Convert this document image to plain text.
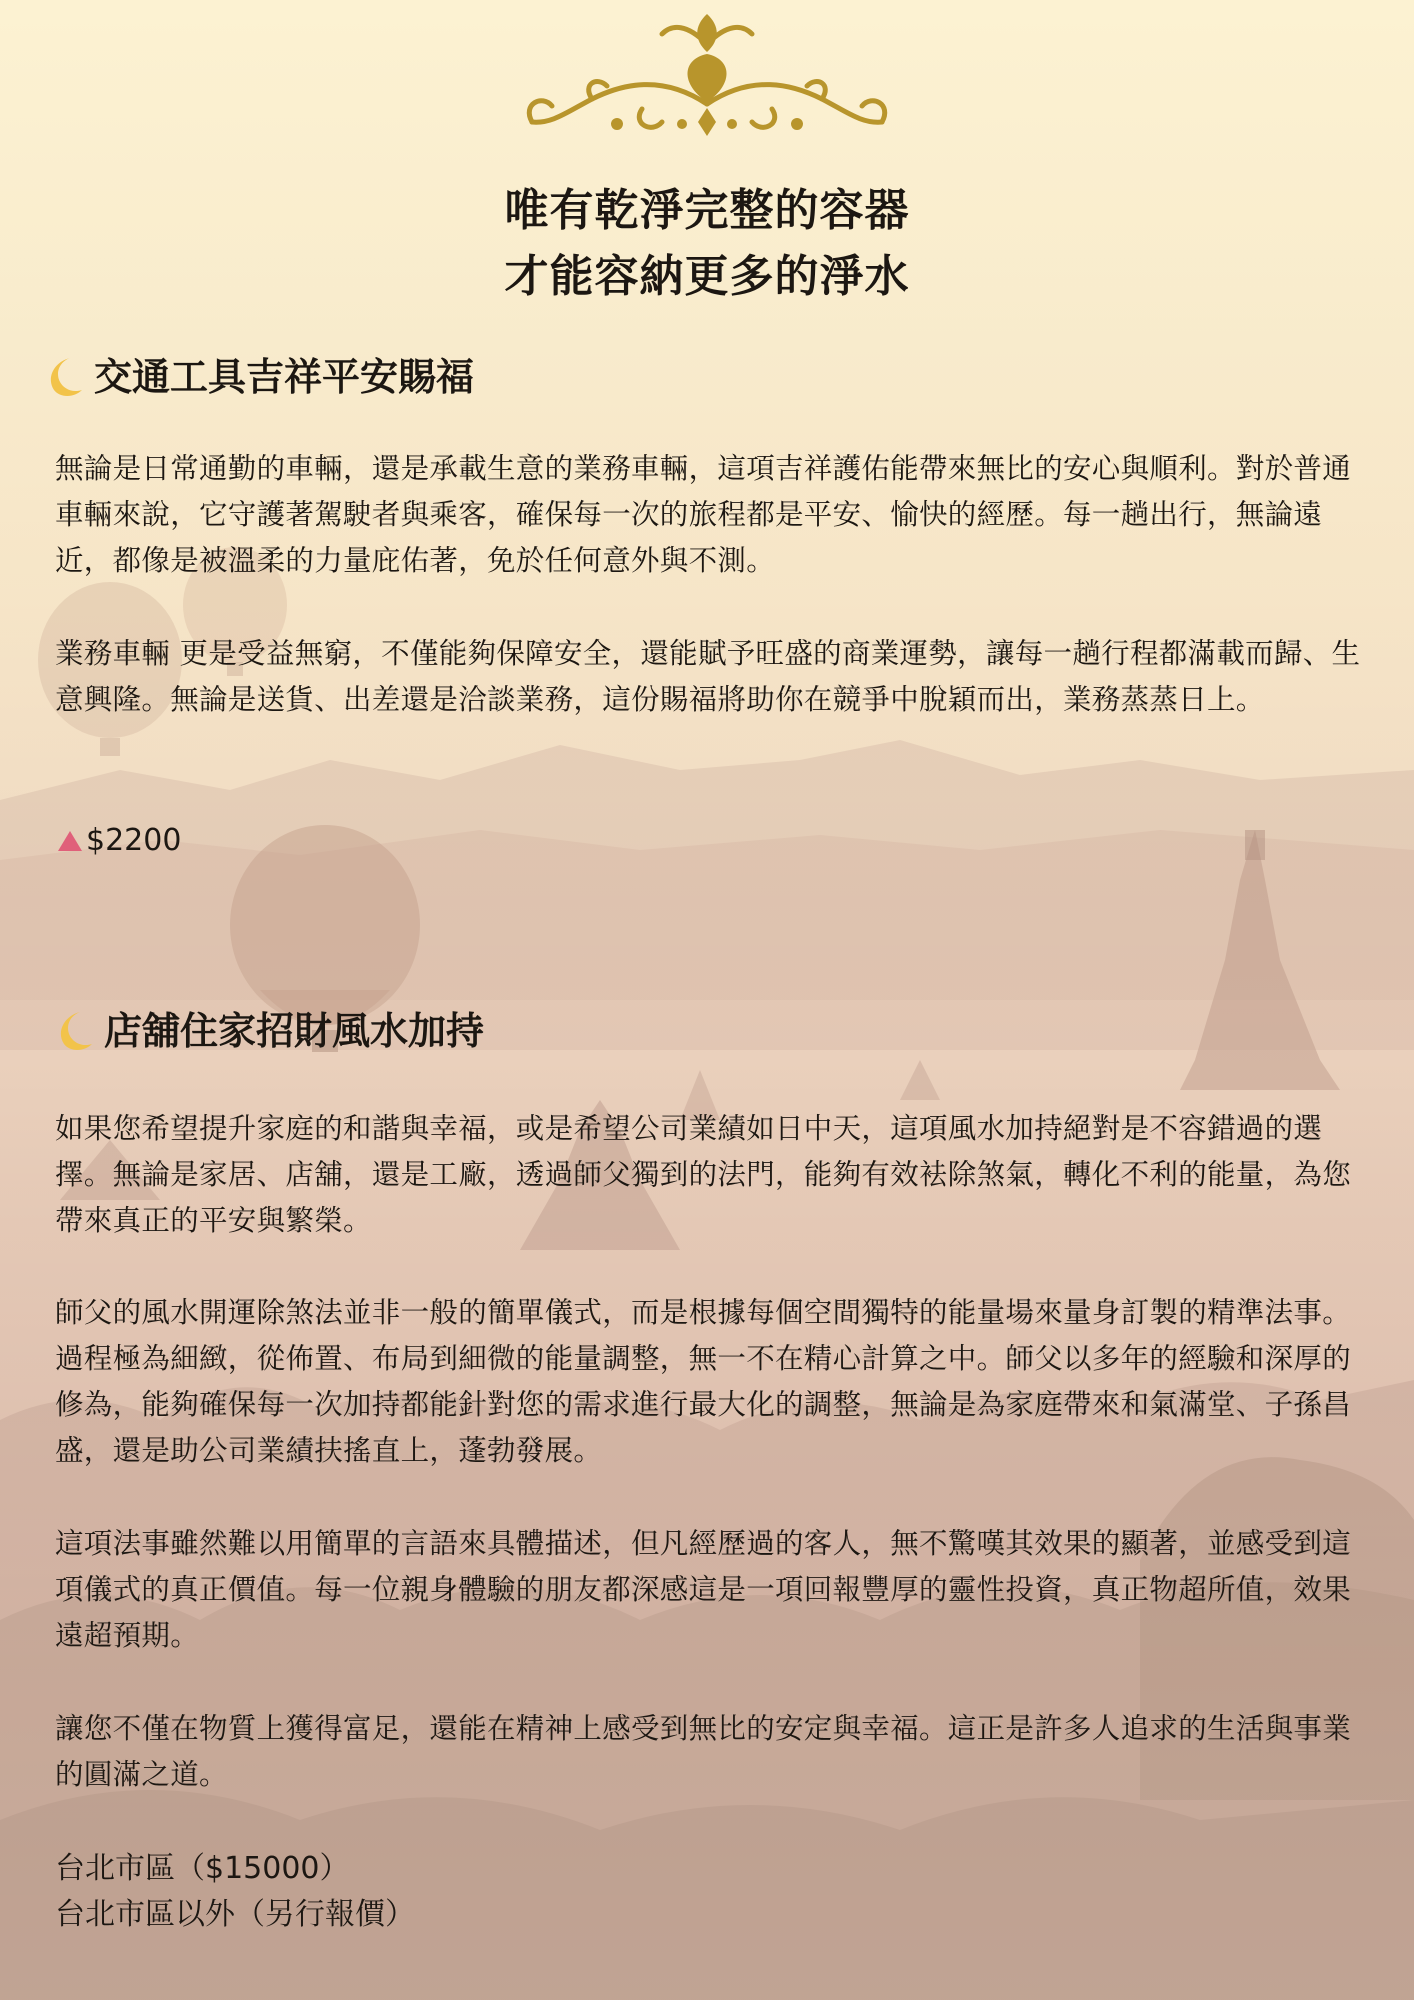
唯有乾淨完整的容器
才能容納更多的淨水
交通工具吉祥平安賜福

無論是日常通勤的車輛，還是承載生意的業務車輛，這項吉祥護佑能帶來無比的安心與順利。對於普通車輛來說，它守護著駕駛者與乘客，確保每一次的旅程都是平安、愉快的經歷。每一趟出行，無論遠近，都像是被溫柔的力量庇佑著，免於任何意外與不測。

業務車輛 更是受益無窮，不僅能夠保障安全，還能賦予旺盛的商業運勢，讓每一趟行程都滿載而歸、生意興隆。無論是送貨、出差還是洽談業務，這份賜福將助你在競爭中脫穎而出，業務蒸蒸日上。

$2200
店舖住家招財風水加持

如果您希望提升家庭的和諧與幸福，或是希望公司業績如日中天，這項風水加持絕對是不容錯過的選擇。無論是家居、店舖，還是工廠，透過師父獨到的法門，能夠有效袪除煞氣，轉化不利的能量，為您帶來真正的平安與繁榮。

師父的風水開運除煞法並非一般的簡單儀式，而是根據每個空間獨特的能量場來量身訂製的精準法事。過程極為細緻，從佈置、布局到細微的能量調整，無一不在精心計算之中。師父以多年的經驗和深厚的修為，能夠確保每一次加持都能針對您的需求進行最大化的調整，無論是為家庭帶來和氣滿堂、子孫昌盛，還是助公司業績扶搖直上，蓬勃發展。

這項法事雖然難以用簡單的言語來具體描述，但凡經歷過的客人，無不驚嘆其效果的顯著，並感受到這項儀式的真正價值。每一位親身體驗的朋友都深感這是一項回報豐厚的靈性投資，真正物超所值，效果遠超預期。

讓您不僅在物質上獲得富足，還能在精神上感受到無比的安定與幸福。這正是許多人追求的生活與事業的圓滿之道。

台北市區（$15000）
台北市區以外（另行報價）
